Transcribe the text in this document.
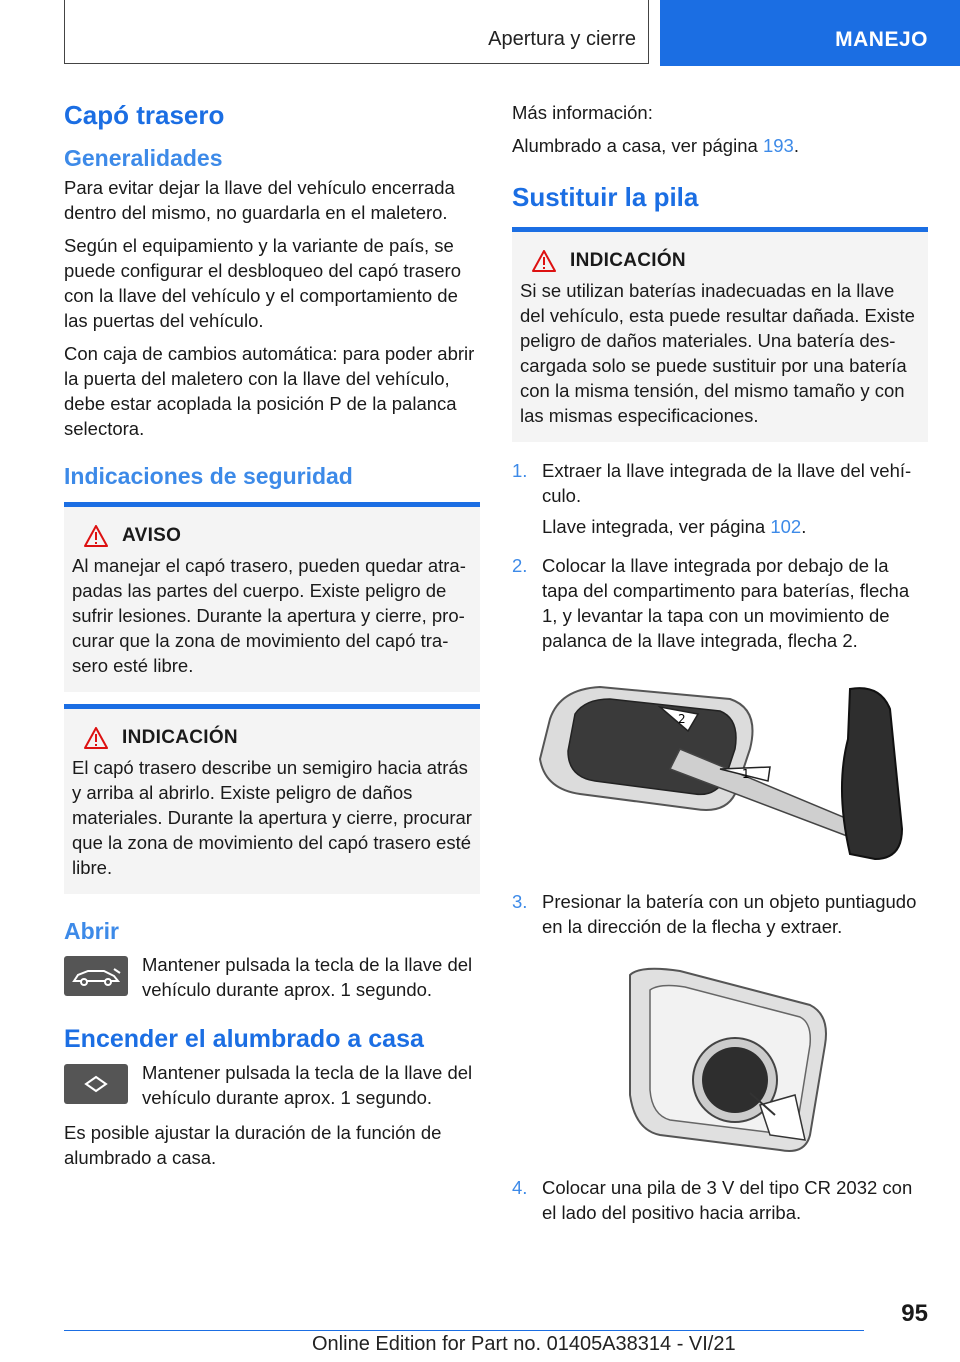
Apertura y cierre	MANEJO
Capó trasero
Generalidades

Para evitar dejar la llave del vehículo encerrada dentro del mismo, no guardarla en el maletero.

Según el equipamiento y la variante de país, se puede configurar el desbloqueo del capó trasero con la llave del vehículo y el comportamiento de las puertas del vehículo.

Con caja de cambios automática: para poder abrir la puerta del maletero con la llave del vehículo, debe estar acoplada la posición P de la palanca selectora.

Indicaciones de seguridad
AVISO

Al manejar el capó trasero, pueden quedar atrapadas las partes del cuerpo. Existe peligro de sufrir lesiones. Durante la apertura y cierre, procurar que la zona de movimiento del capó trasero esté libre.

INDICACIÓN

El capó trasero describe un semigiro hacia atrás y arriba al abrirlo. Existe peligro de daños materiales. Durante la apertura y cierre, procurar que la zona de movimiento del capó trasero esté libre.

Abrir

Mantener pulsada la tecla de la llave del vehículo durante aprox. 1 segundo.

Encender el alumbrado a casa

Mantener pulsada la tecla de la llave del vehículo durante aprox. 1 segundo.

Es posible ajustar la duración de la función de alumbrado a casa.

Más información:

Alumbrado a casa, ver página 193.

Sustituir la pila
INDICACIÓN

Si se utilizan baterías inadecuadas en la llave del vehículo, esta puede resultar dañada. Existe peligro de daños materiales. Una batería descargada solo se puede sustituir por una batería con la misma tensión, del mismo tamaño y con las mismas especificaciones.

1. Extraer la llave integrada de la llave del vehículo.

Llave integrada, ver página 102.

2. Colocar la llave integrada por debajo de la tapa del compartimento para baterías, flecha 1, y levantar la tapa con un movimiento de palanca de la llave integrada, flecha 2.

2
1
3. Presionar la batería con un objeto puntiagudo en la dirección de la flecha y extraer.

4. Colocar una pila de 3 V del tipo CR 2032 con el lado del positivo hacia arriba.

95
Online Edition for Part no. 01405A38314 - VI/21
